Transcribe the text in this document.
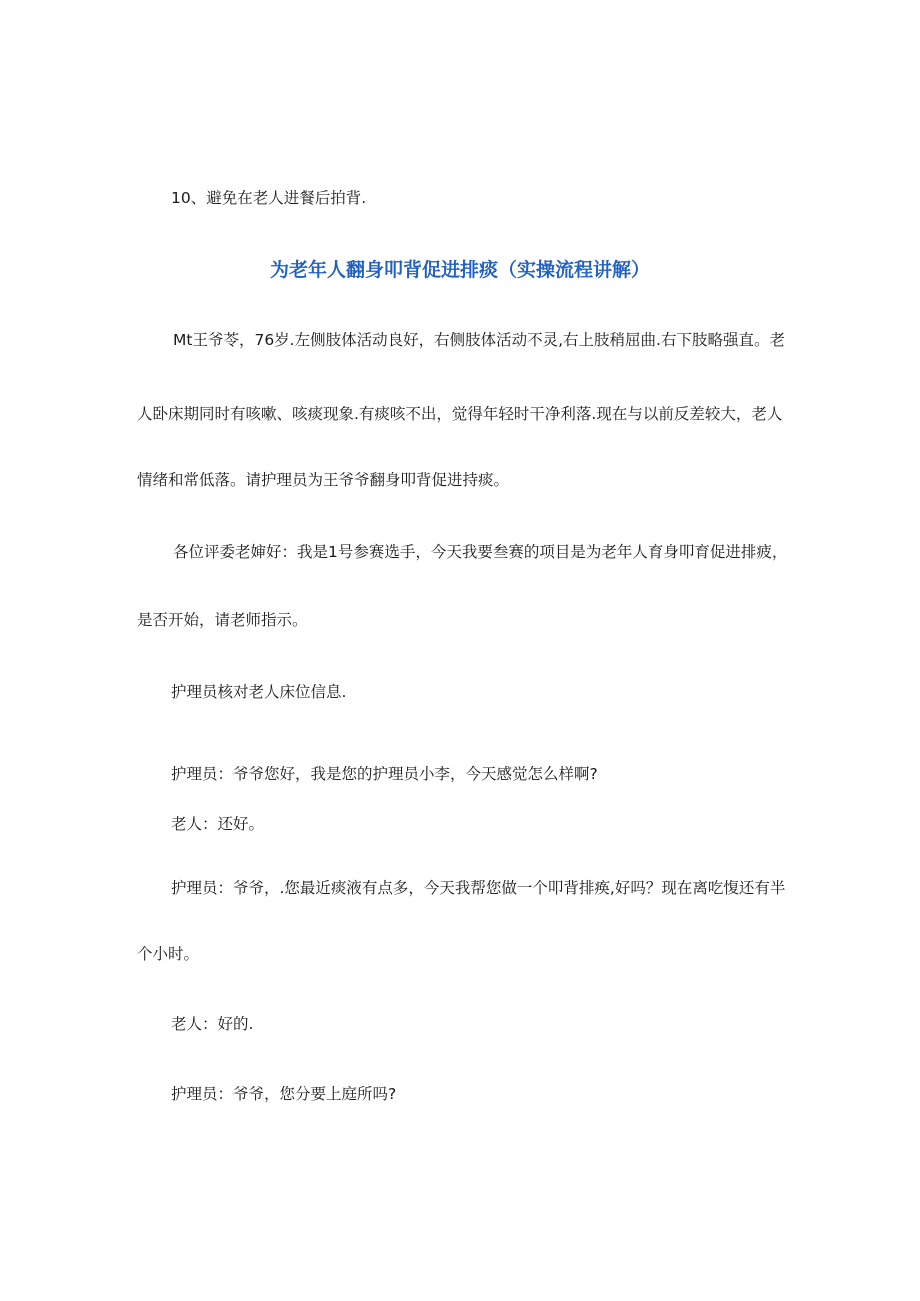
10、避免在老人进餐后拍背.

为老年人翻身叩背促进排痰（实操流程讲解）

Mt王爷苓，76岁.左侧肢体活动良好，右侧肢体活动不灵,右上肢稍屈曲.右下肢略强直。老

人卧床期同时有咳嗽、咳痰现象.有痰咳不出，觉得年轻时干净利落.现在与以前反差较大，老人

情绪和常低落。请护理员为王爷爷翻身叩背促进持痰。

各位评委老婶好：我是1号参赛选手，今天我要叁赛的项目是为老年人育身叩育促进排疲，

是否开始，请老师指示。

护理员核对老人床位信息.

护理员：爷爷您好，我是您的护理员小李，今天感觉怎么样啊?

老人：还好。

护理员：爷爷，.您最近痰液有点多，今天我帮您做一个叩背排痪,好吗？现在离吃愎还有半

个小时。

老人：好的.

护理员：爷爷，您分要上庭所吗?
